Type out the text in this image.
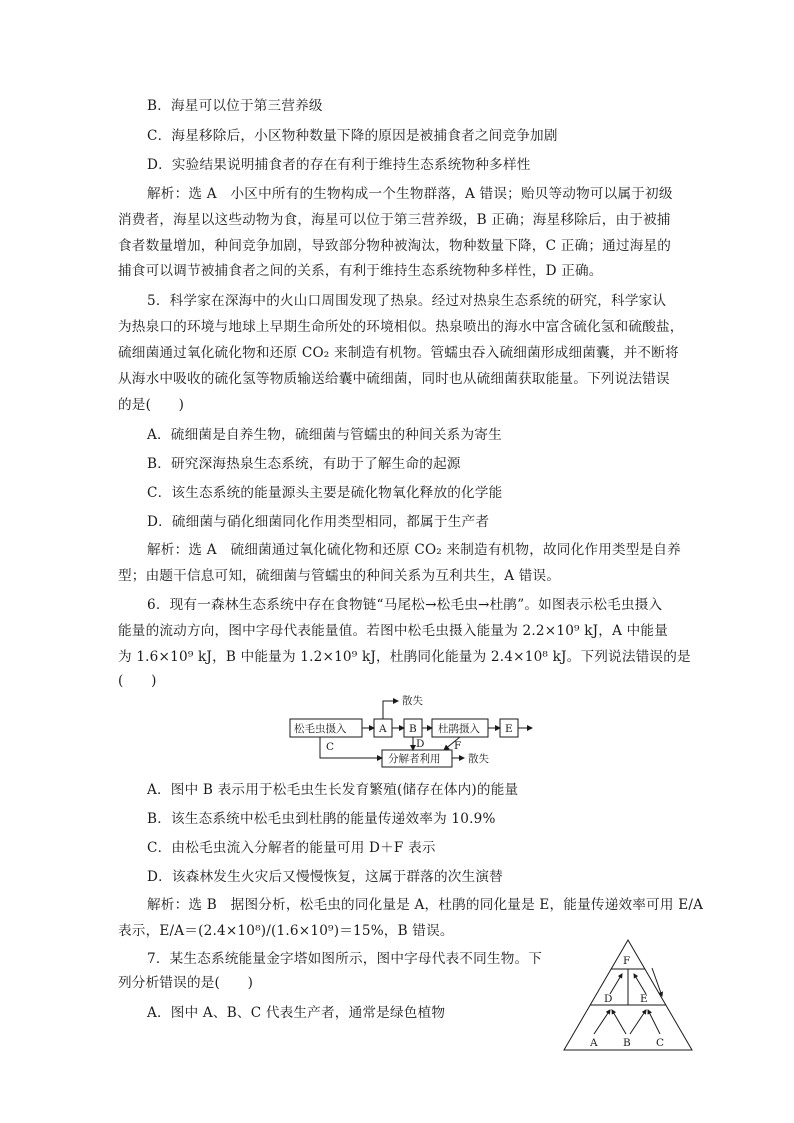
B．海星可以位于第三营养级
C．海星移除后，小区物种数量下降的原因是被捕食者之间竞争加剧
D．实验结果说明捕食者的存在有利于维持生态系统物种多样性
解析：选 A　小区中所有的生物构成一个生物群落，A 错误；贻贝等动物可以属于初级
消费者，海星以这些动物为食，海星可以位于第三营养级，B 正确；海星移除后，由于被捕
食者数量增加，种间竞争加剧，导致部分物种被淘汰，物种数量下降，C 正确；通过海星的
捕食可以调节被捕食者之间的关系，有利于维持生态系统物种多样性，D 正确。
5．科学家在深海中的火山口周围发现了热泉。经过对热泉生态系统的研究，科学家认
为热泉口的环境与地球上早期生命所处的环境相似。热泉喷出的海水中富含硫化氢和硫酸盐，
硫细菌通过氧化硫化物和还原 CO₂ 来制造有机物。管蠕虫吞入硫细菌形成细菌囊，并不断将
从海水中吸收的硫化氢等物质输送给囊中硫细菌，同时也从硫细菌获取能量。下列说法错误
的是(　　)
A．硫细菌是自养生物，硫细菌与管蠕虫的种间关系为寄生
B．研究深海热泉生态系统，有助于了解生命的起源
C．该生态系统的能量源头主要是硫化物氧化释放的化学能
D．硫细菌与硝化细菌同化作用类型相同，都属于生产者
解析：选 A　硫细菌通过氧化硫化物和还原 CO₂ 来制造有机物，故同化作用类型是自养
型；由题干信息可知，硫细菌与管蠕虫的种间关系为互利共生，A 错误。
6．现有一森林生态系统中存在食物链“马尾松→松毛虫→杜鹃”。如图表示松毛虫摄入
能量的流动方向，图中字母代表能量值。若图中松毛虫摄入能量为 2.2×10⁹ kJ，A 中能量
为 1.6×10⁹ kJ，B 中能量为 1.2×10⁹ kJ，杜鹃同化能量为 2.4×10⁸ kJ。下列说法错误的是
(　　)
松毛虫摄入	A B 杜鹃摄入 E
分解者利用
散失
散失
C	D	F
A．图中 B 表示用于松毛虫生长发育繁殖(储存在体内)的能量
B．该生态系统中松毛虫到杜鹃的能量传递效率为 10.9%
C．由松毛虫流入分解者的能量可用 D＋F 表示
D．该森林发生火灾后又慢慢恢复，这属于群落的次生演替
解析：选 B　据图分析，松毛虫的同化量是 A，杜鹃的同化量是 E，能量传递效率可用 E/A
表示，E/A＝(2.4×10⁸)/(1.6×10⁹)＝15%，B 错误。
7．某生态系统能量金字塔如图所示，图中字母代表不同生物。下
列分析错误的是(　　)
A．图中 A、B、C 代表生产者，通常是绿色植物
F
D	E
A B C
